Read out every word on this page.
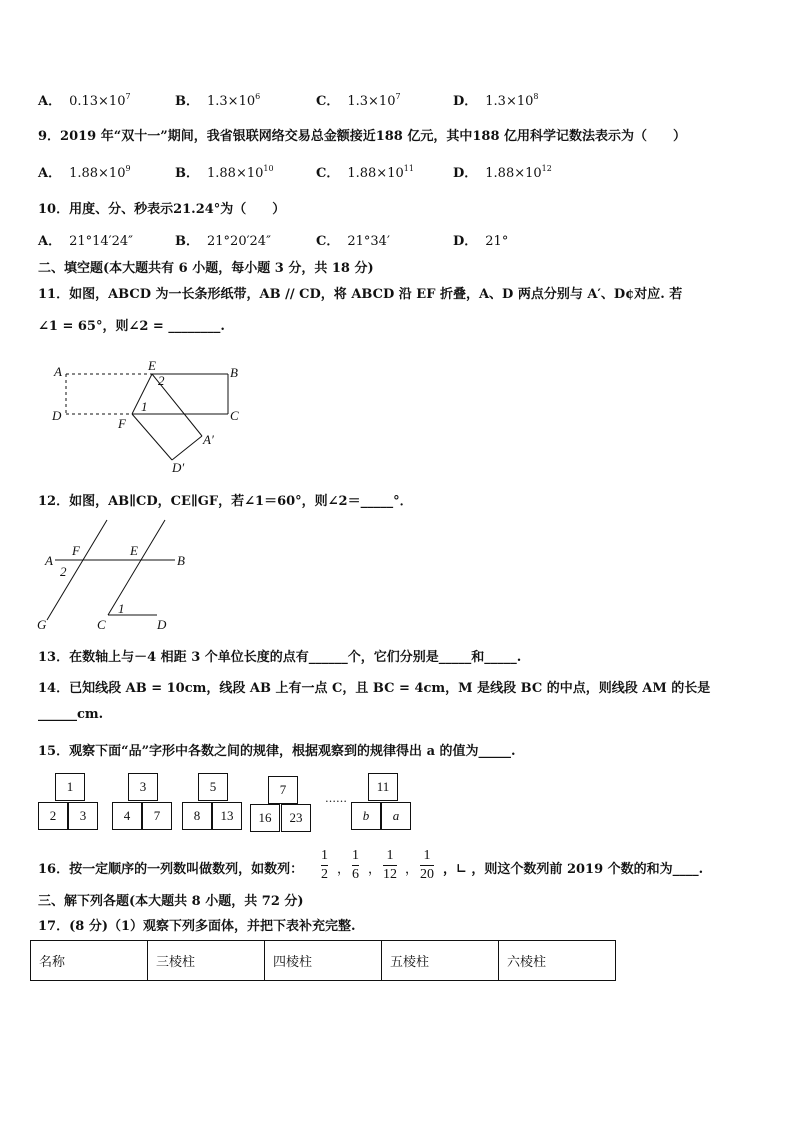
A． $0.13\times 10^7$	B． $1.3\times 10^6$	C． $1.3\times 10^7$	D． $1.3\times 10^8$
9．2019 年“双十一”期间，我省银联网络交易总金额接近188 亿元，其中188 亿用科学记数法表示为（　　）
A． $1.88\times 10^9$	B． $1.88\times 10^{10}$	C． $1.88\times 10^{11}$	D． $1.88\times 10^{12}$
10．用度、分、秒表示21.24°为（　　）
A． 21°14′24″	B． 21°20′24″	C． 21°34′	D． 21°
二、填空题(本大题共有 6 小题，每小题 3 分，共 18 分)
11．如图，ABCD 为一长条形纸带，AB // CD，将 ABCD 沿 EF 折叠，A、D 两点分别与 A′、D¢对应. 若
∠1 = 65°，则∠2 = ________.
A	E
2
B
D
1
C
F
A′
D′
12．如图，AB∥CD，CE∥GF，若∠1＝60°，则∠2＝_____°．
A
F	E
B
2
1
G	C	D
13．在数轴上与－4 相距 3 个单位长度的点有______个，它们分别是_____和_____.
14．已知线段 AB = 10cm，线段 AB 上有一点 C，且 BC = 4cm，M 是线段 BC 的中点，则线段 AM 的长是
______cm.
15．观察下面“品”字形中各数之间的规律，根据观察到的规律得出 a 的值为_____.
1
2	3
3
4	7
5
8	13
7
16	23
……
11
b	a
16．按一定顺序的一列数叫做数列，如数列：
1
2 ，
1
6 ，
1
12 ，
1
20 ，∟ ，则这个数列前 2019 个数的和为____.
三、解下列各题(本大题共 8 小题，共 72 分)
17．(8 分)（1）观察下列多面体，并把下表补充完整.
名称	三棱柱	四棱柱	五棱柱	六棱柱
